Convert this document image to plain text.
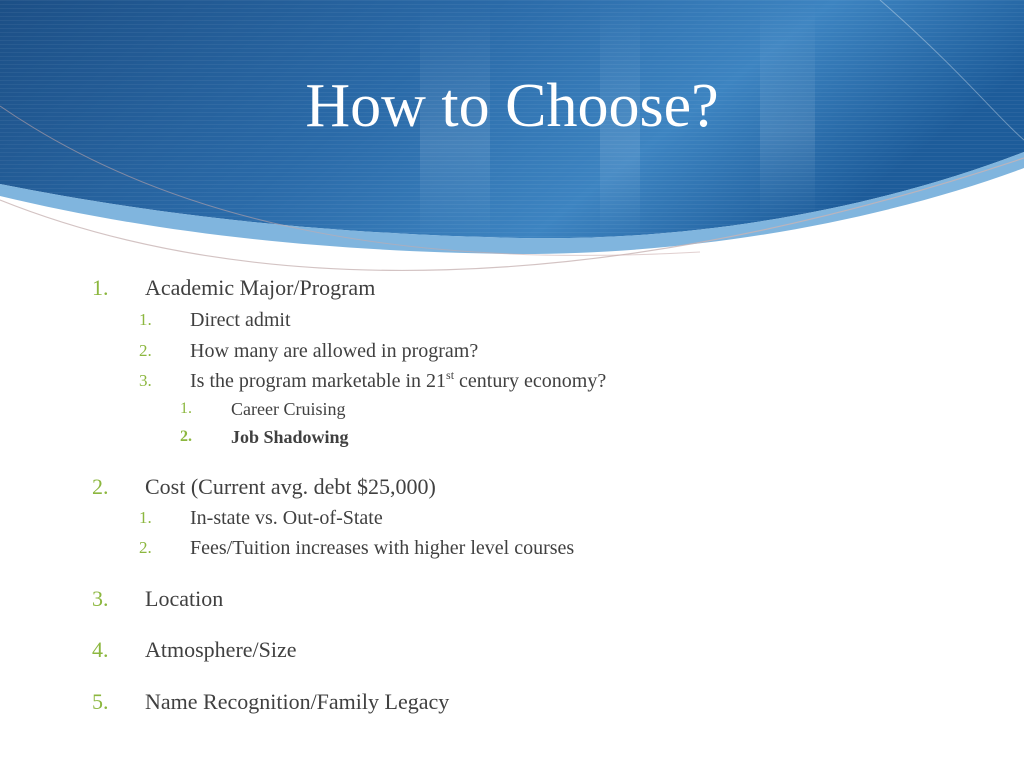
How to Choose?
1. Academic Major/Program
1. Direct admit
2. How many are allowed in program?
3. Is the program marketable in 21st century economy?
1. Career Cruising
2. Job Shadowing
2. Cost (Current avg. debt $25,000)
1. In-state vs. Out-of-State
2. Fees/Tuition increases with higher level courses
3. Location
4. Atmosphere/Size
5. Name Recognition/Family Legacy
